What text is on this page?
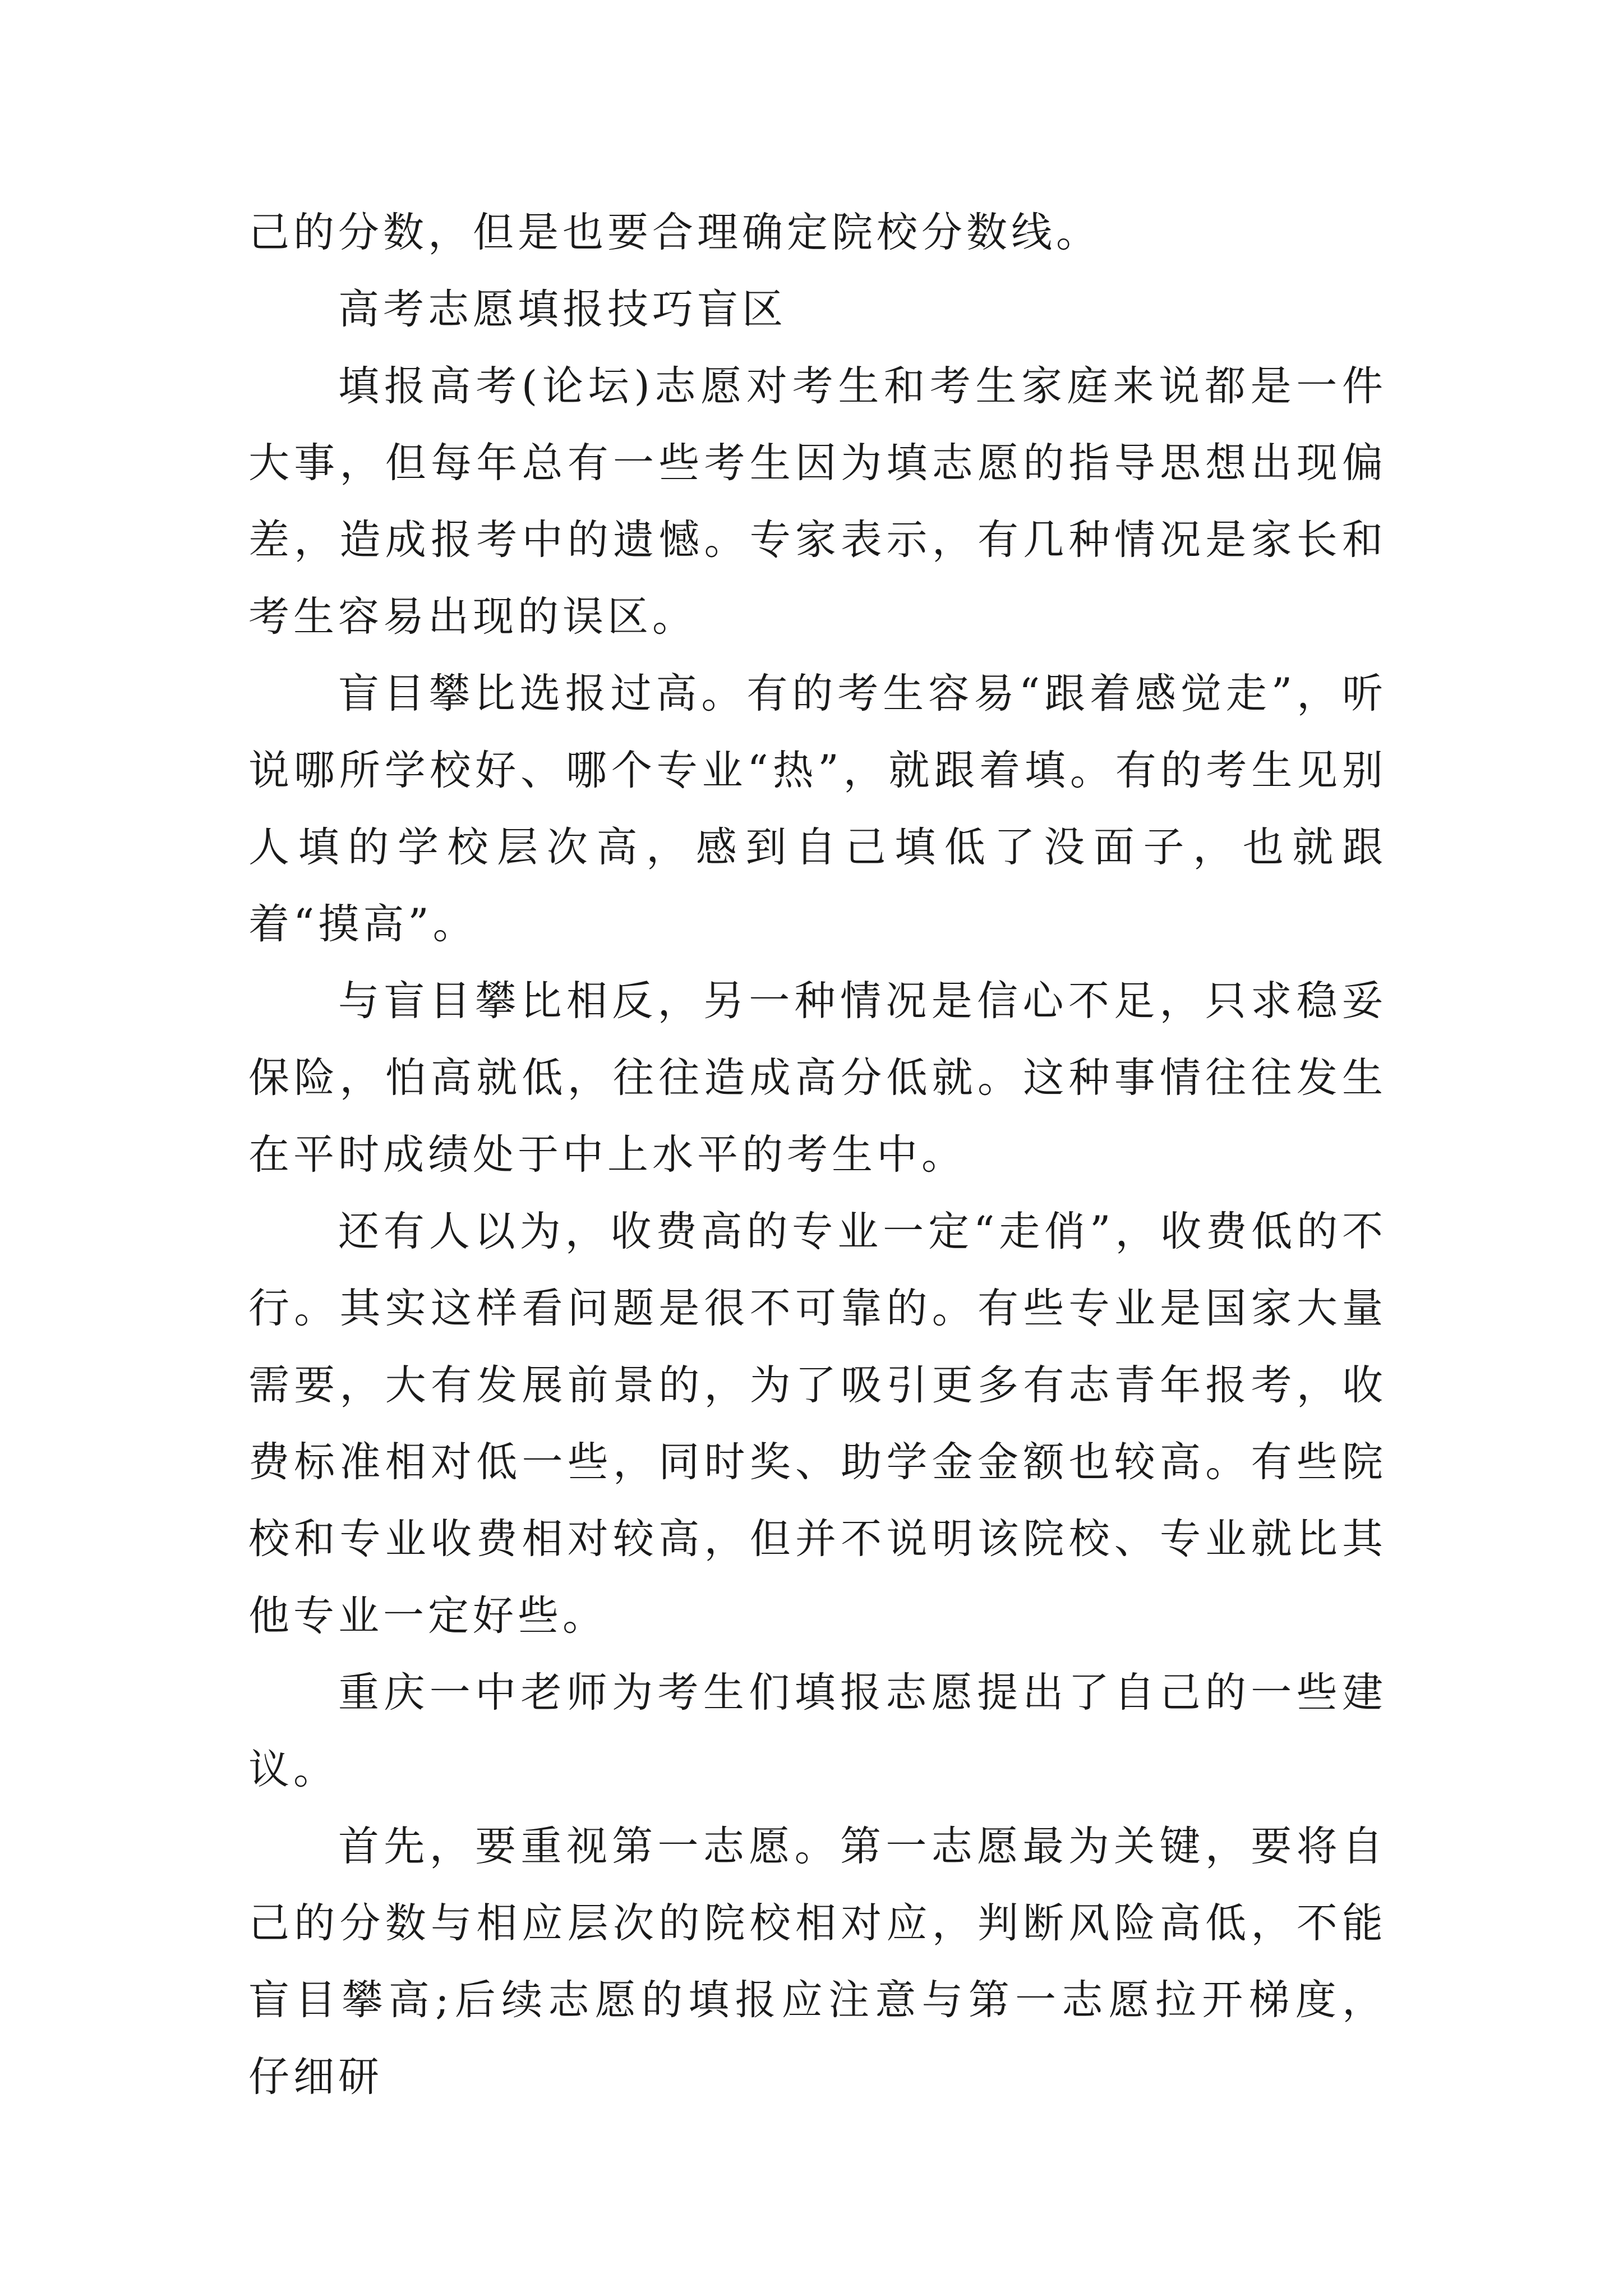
己的分数，但是也要合理确定院校分数线。

高考志愿填报技巧盲区

填报高考(论坛)志愿对考生和考生家庭来说都是一件大事，但每年总有一些考生因为填志愿的指导思想出现偏差，造成报考中的遗憾。专家表示，有几种情况是家长和考生容易出现的误区。

盲目攀比选报过高。有的考生容易“跟着感觉走”，听说哪所学校好、哪个专业“热”，就跟着填。有的考生见别人填的学校层次高，感到自己填低了没面子，也就跟着“摸高”。

与盲目攀比相反，另一种情况是信心不足，只求稳妥保险，怕高就低，往往造成高分低就。这种事情往往发生在平时成绩处于中上水平的考生中。

还有人以为，收费高的专业一定“走俏”，收费低的不行。其实这样看问题是很不可靠的。有些专业是国家大量需要，大有发展前景的，为了吸引更多有志青年报考，收费标准相对低一些，同时奖、助学金金额也较高。有些院校和专业收费相对较高，但并不说明该院校、专业就比其他专业一定好些。

重庆一中老师为考生们填报志愿提出了自己的一些建议。

首先，要重视第一志愿。第一志愿最为关键，要将自己的分数与相应层次的院校相对应，判断风险高低，不能盲目攀高;后续志愿的填报应注意与第一志愿拉开梯度，仔细研
